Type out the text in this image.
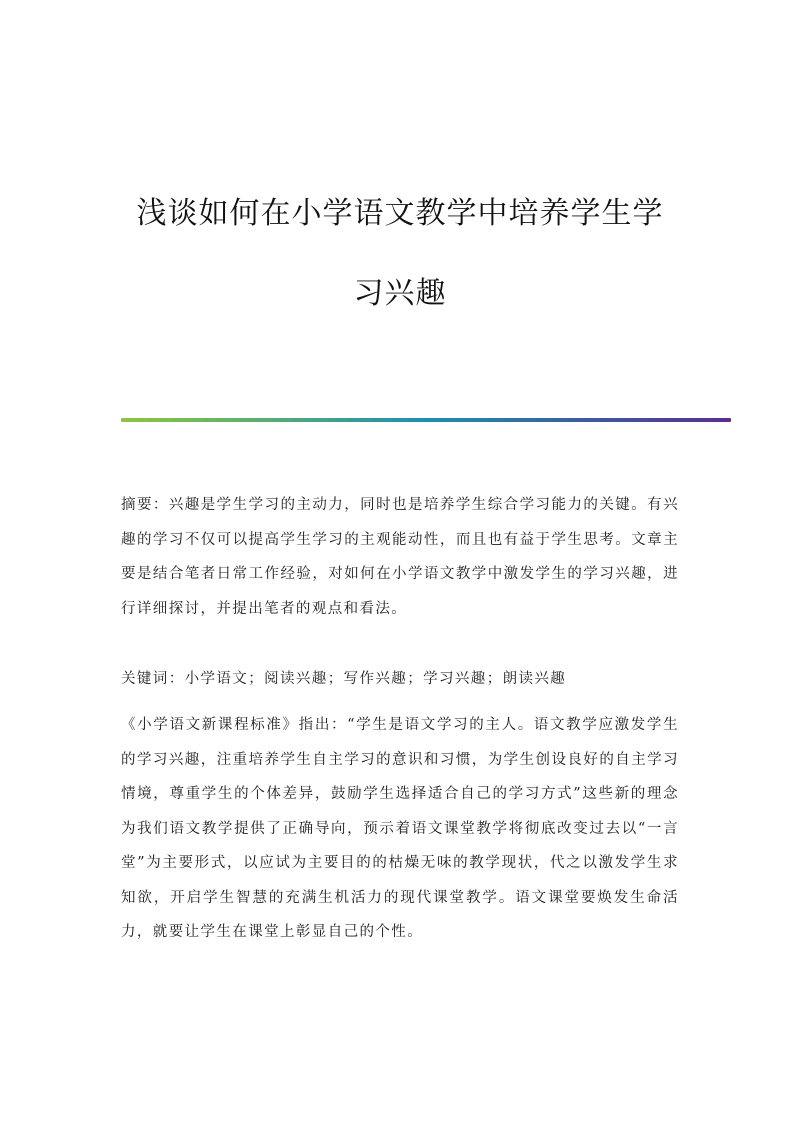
浅谈如何在小学语文教学中培养学生学
习兴趣

摘要：兴趣是学生学习的主动力，同时也是培养学生综合学习能力的关键。有兴趣的学习不仅可以提高学生学习的主观能动性，而且也有益于学生思考。文章主要是结合笔者日常工作经验，对如何在小学语文教学中激发学生的学习兴趣，进行详细探讨，并提出笔者的观点和看法。

关键词：小学语文；阅读兴趣；写作兴趣；学习兴趣；朗读兴趣

《小学语文新课程标准》指出：“学生是语文学习的主人。语文教学应激发学生的学习兴趣，注重培养学生自主学习的意识和习惯，为学生创设良好的自主学习情境，尊重学生的个体差异，鼓励学生选择适合自己的学习方式”这些新的理念为我们语文教学提供了正确导向，预示着语文课堂教学将彻底改变过去以“一言堂”为主要形式，以应试为主要目的的枯燥无味的教学现状，代之以激发学生求知欲，开启学生智慧的充满生机活力的现代课堂教学。语文课堂要焕发生命活力，就要让学生在课堂上彰显自己的个性。
